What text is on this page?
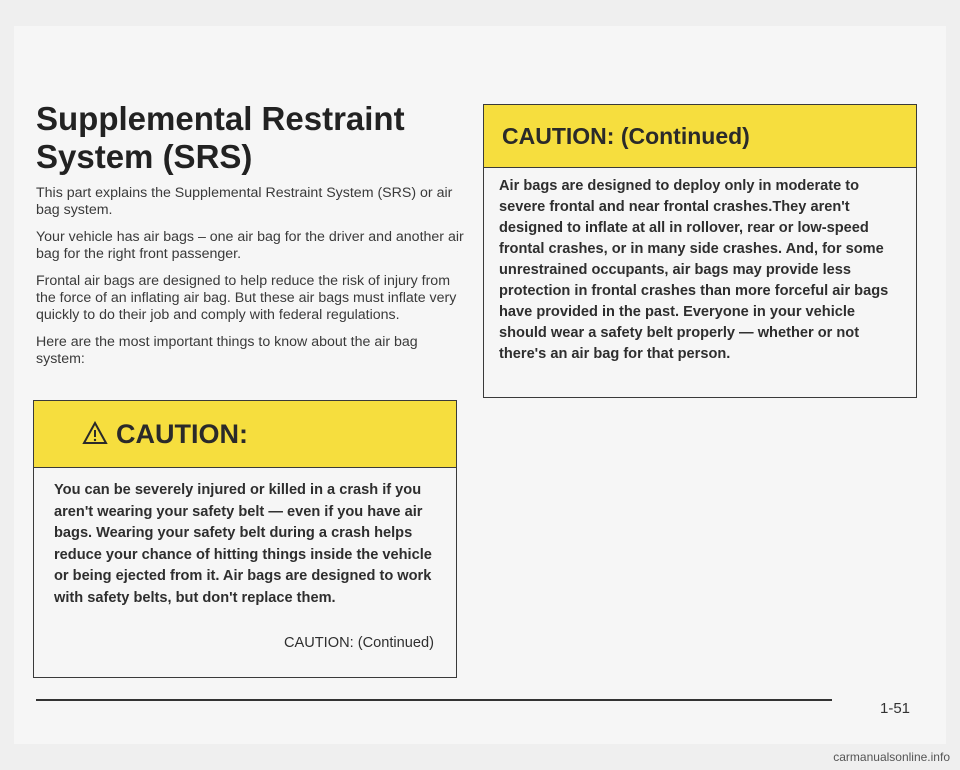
Supplemental Restraint System (SRS)

This part explains the Supplemental Restraint System (SRS) or air bag system.

Your vehicle has air bags – one air bag for the driver and another air bag for the right front passenger.

Frontal air bags are designed to help reduce the risk of injury from the force of an inflating air bag. But these air bags must inflate very quickly to do their job and comply with federal regulations.

Here are the most important things to know about the air bag system:

CAUTION:
You can be severely injured or killed in a crash if you aren't wearing your safety belt — even if you have air bags. Wearing your safety belt during a crash helps reduce your chance of hitting things inside the vehicle or being ejected from it. Air bags are designed to work with safety belts, but don't replace them.
CAUTION: (Continued)
CAUTION: (Continued)
Air bags are designed to deploy only in moderate to severe frontal and near frontal crashes.They aren't designed to inflate at all in rollover, rear or low-speed frontal crashes, or in many side crashes. And, for some unrestrained occupants, air bags may provide less protection in frontal crashes than more forceful air bags have provided in the past. Everyone in your vehicle should wear a safety belt properly — whether or not there's an air bag for that person.
1-51
carmanualsonline.info
